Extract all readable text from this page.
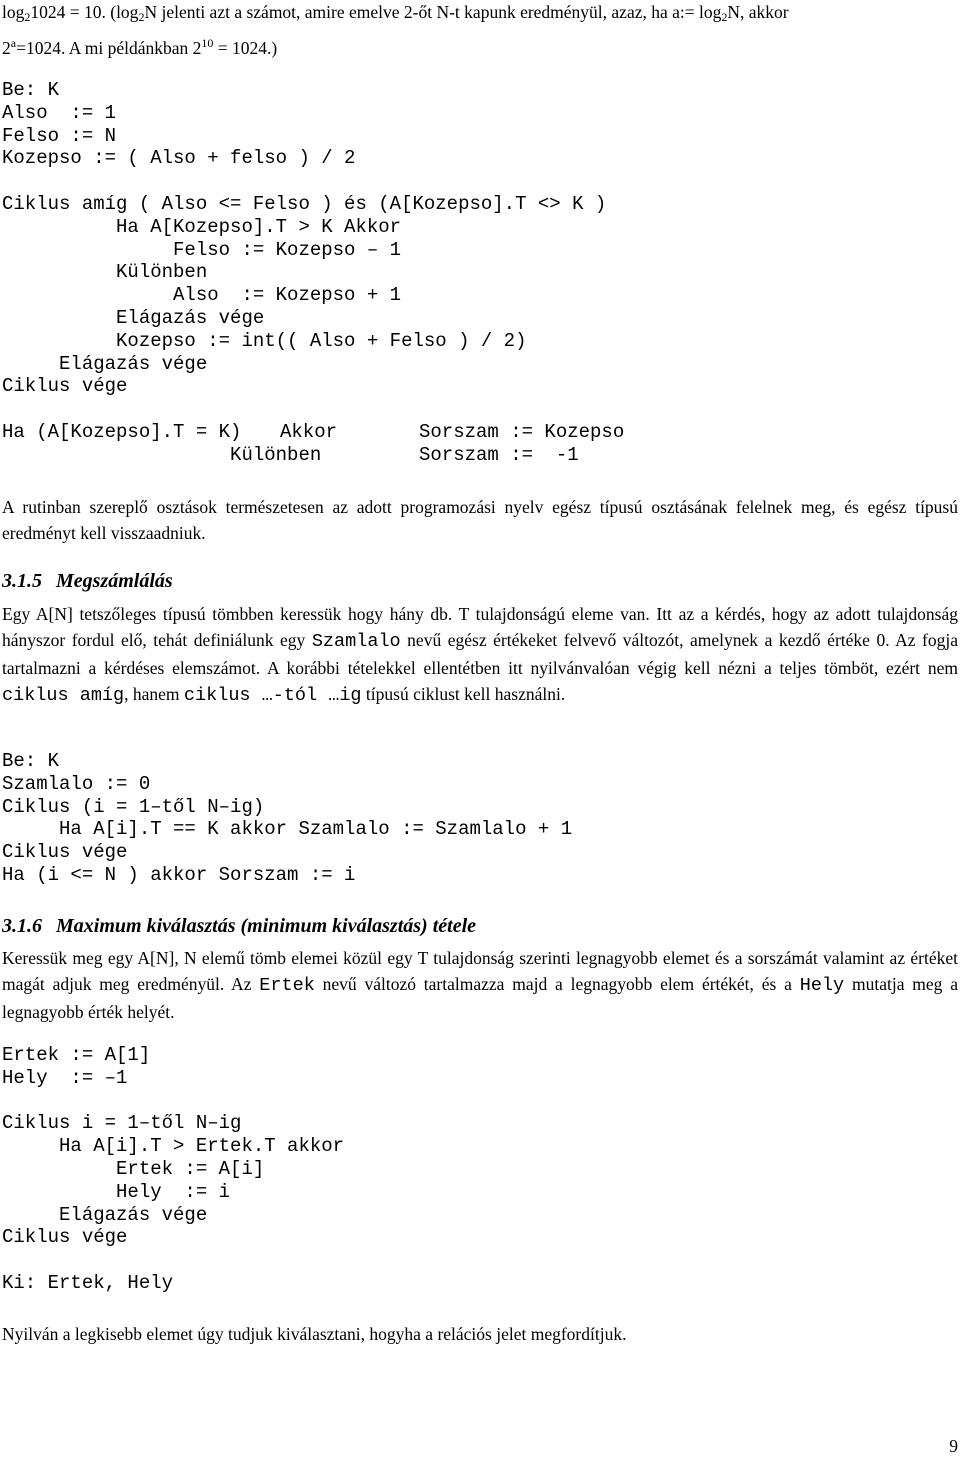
$\log_21024 = 10$. ($\log_2N$ jelenti azt a számot, amire emelve 2-őt N-t kapunk eredményül, azaz, ha a:= $\log_2N$, akkor
$2^a=1024$. A mi példánkban $2^{10} = 1024$.)

Be: K
Also  := 1
Felso := N
Kozepso := ( Also + felso ) / 2

Ciklus amíg ( Also <= Felso ) és (A[Kozepso].T <> K )
Ha A[Kozepso].T > K Akkor
Felso := Kozepso – 1
Különben
Also  := Kozepso + 1
Elágazás vége
Kozepso := int(( Also + Felso ) / 2)
Elágazás vége
Ciklus vége

Ha (A[Kozepso].T = K)
Különben
Akkor	Sorszam := Kozepso
Sorszam :=  -1

A rutinban szereplő osztások természetesen az adott programozási nyelv egész típusú osztásának felelnek meg, és egész típusú eredményt kell visszaadniuk.

3.1.5 Megszámlálás

Egy A[N] tetszőleges típusú tömbben keressük hogy hány db. T tulajdonságú eleme van. Itt az a kérdés, hogy az adott tulajdonság hányszor fordul elő, tehát definiálunk egy Szamlalo nevű egész értékeket felvevő változót, amelynek a kezdő értéke 0. Az fogja tartalmazni a kérdéses elemszámot. A korábbi tételekkel ellentétben itt nyilvánvalóan végig kell nézni a teljes tömböt, ezért nem ciklus amíg, hanem ciklus …-tól …ig típusú ciklust kell használni.

Be: K
Szamlalo := 0
Ciklus (i = 1–től N–ig)
Ha A[i].T == K akkor Szamlalo := Szamlalo + 1
Ciklus vége
Ha (i <= N ) akkor Sorszam := i
3.1.6 Maximum kiválasztás (minimum kiválasztás) tétele

Keressük meg egy A[N], N elemű tömb elemei közül egy T tulajdonság szerinti legnagyobb elemet és a sorszámát valamint az értéket magát adjuk meg eredményül. Az Ertek nevű változó tartalmazza majd a legnagyobb elem értékét, és a Hely mutatja meg a legnagyobb érték helyét.

Ertek := A[1]
Hely  := –1

Ciklus i = 1–től N–ig
Ha A[i].T > Ertek.T akkor
Ertek := A[i]
Hely  := i
Elágazás vége
Ciklus vége

Ki: Ertek, Hely

Nyilván a legkisebb elemet úgy tudjuk kiválasztani, hogyha a relációs jelet megfordítjuk.

9
